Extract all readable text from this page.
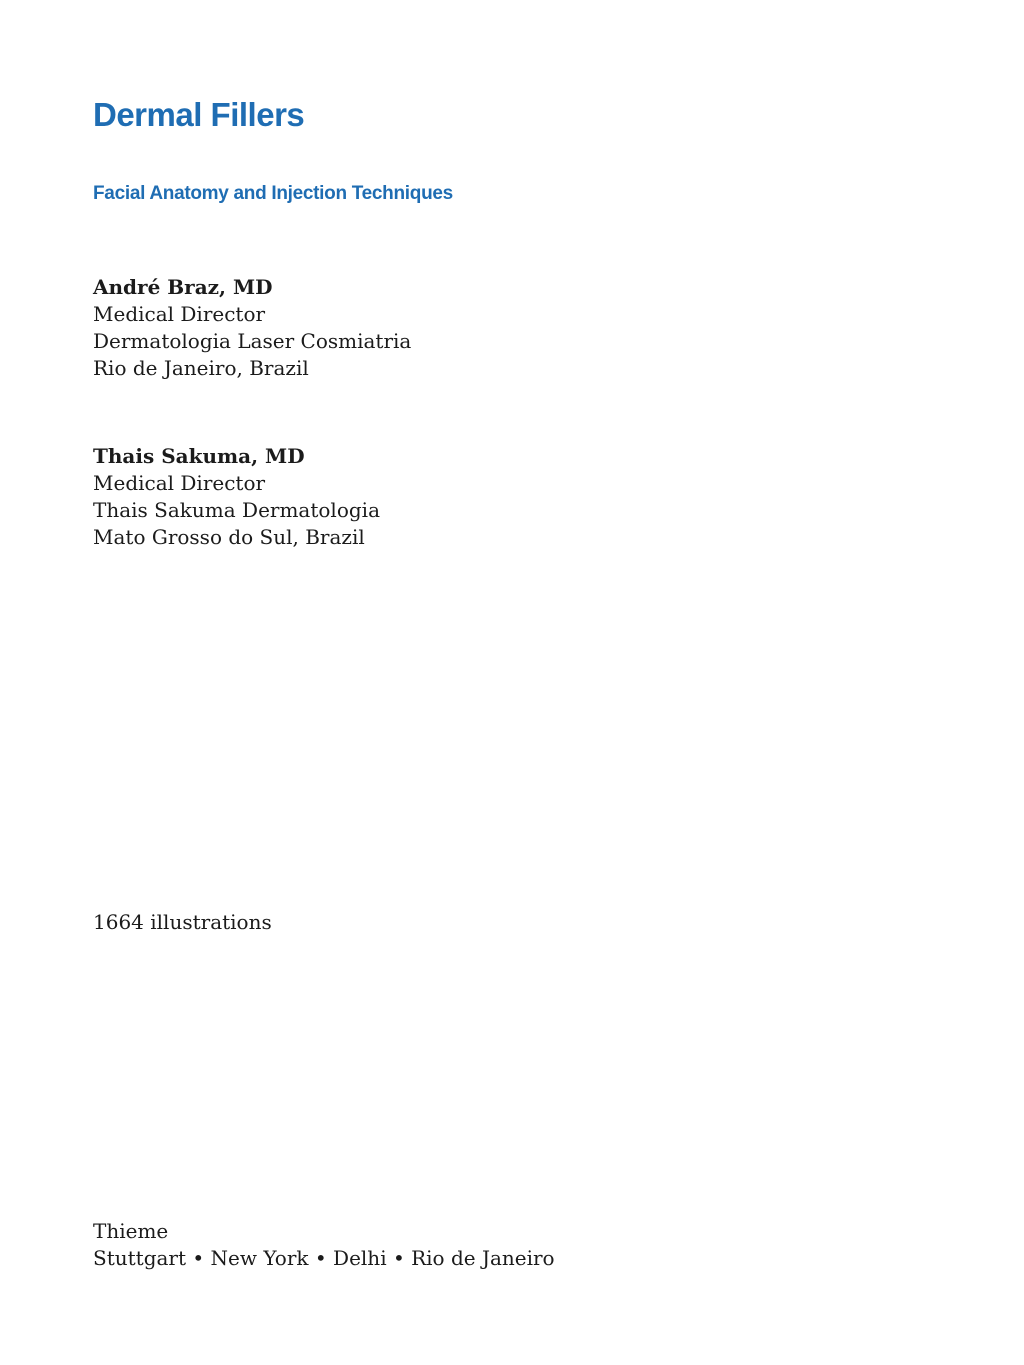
Dermal Fillers
Facial Anatomy and Injection Techniques
André Braz, MD
Medical Director
Dermatologia Laser Cosmiatria
Rio de Janeiro, Brazil
Thais Sakuma, MD
Medical Director
Thais Sakuma Dermatologia
Mato Grosso do Sul, Brazil
1664 illustrations
Thieme
Stuttgart • New York • Delhi • Rio de Janeiro
